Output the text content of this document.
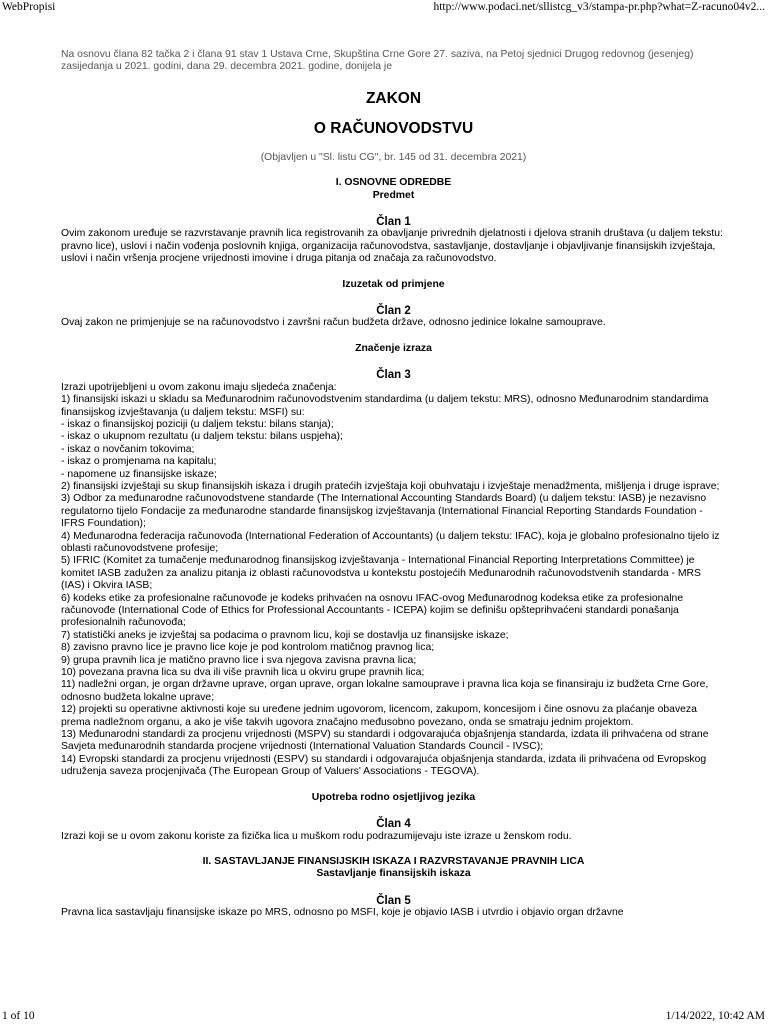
WebPropisi	http://www.podaci.net/sllistcg_v3/stampa-pr.php?what=Z-racuno04v2...

Na osnovu člana 82 tačka 2 i člana 91 stav 1 Ustava Crne, Skupština Crne Gore 27. saziva, na Petoj sjednici Drugog redovnog (jesenjeg) zasijedanja u 2021. godini, dana 29. decembra 2021. godine, donijela je

ZAKON
O RAČUNOVODSTVU
(Objavljen u "Sl. listu CG", br. 145 od 31. decembra 2021)
I. OSNOVNE ODREDBE
Predmet
Član 1

Ovim zakonom uređuje se razvrstavanje pravnih lica registrovanih za obavljanje privrednih djelatnosti i djelova stranih društava (u daljem tekstu: pravno lice), uslovi i način vođenja poslovnih knjiga, organizacija računovodstva, sastavljanje, dostavljanje i objavljivanje finansijskih izvještaja, uslovi i način vršenja procjene vrijednosti imovine i druga pitanja od značaja za računovodstvo.

Izuzetak od primjene
Član 2

Ovaj zakon ne primjenjuje se na računovodstvo i završni račun budžeta države, odnosno jedinice lokalne samouprave.

Značenje izraza
Član 3

Izrazi upotrijebljeni u ovom zakonu imaju sljedeća značenja:

1) finansijski iskazi u skladu sa Međunarodnim računovodstvenim standardima (u daljem tekstu: MRS), odnosno Međunarodnim standardima finansijskog izvještavanja (u daljem tekstu: MSFI) su:

- iskaz o finansijskoj poziciji (u daljem tekstu: bilans stanja);

- iskaz o ukupnom rezultatu (u daljem tekstu: bilans uspjeha);

- iskaz o novčanim tokovima;

- iskaz o promjenama na kapitalu;

- napomene uz finansijske iskaze;

2) finansijski izvještaji su skup finansijskih iskaza i drugih pratećih izvještaja koji obuhvataju i izvještaje menadžmenta, mišljenja i druge isprave;

3) Odbor za međunarodne računovodstvene standarde (The International Accounting Standards Board) (u daljem tekstu: IASB) je nezavisno regulatorno tijelo Fondacije za međunarodne standarde finansijskog izvještavanja (International Financial Reporting Standards Foundation - IFRS Foundation);

4) Međunarodna federacija računovođa (International Federation of Accountants) (u daljem tekstu: IFAC), koja je globalno profesionalno tijelo iz oblasti računovodstvene profesije;

5) IFRIC (Komitet za tumačenje međunarodnog finansijskog izvještavanja - International Financial Reporting Interpretations Committee) je komitet IASB zadužen za analizu pitanja iz oblasti računovodstva u kontekstu postojećih Međunarodnih računovodstvenih standarda - MRS (IAS) i Okvira IASB;

6) kodeks etike za profesionalne računovođe je kodeks prihvaćen na osnovu IFAC-ovog Međunarodnog kodeksa etike za profesionalne računovođe (International Code of Ethics for Professional Accountants - ICEPA) kojim se definišu opšteprihvaćeni standardi ponašanja profesionalnih računovođa;

7) statistički aneks je izvještaj sa podacima o pravnom licu, koji se dostavlja uz finansijske iskaze;

8) zavisno pravno lice je pravno lice koje je pod kontrolom matičnog pravnog lica;

9) grupa pravnih lica je matično pravno lice i sva njegova zavisna pravna lica;

10) povezana pravna lica su dva ili više pravnih lica u okviru grupe pravnih lica;

11) nadležni organ, je organ državne uprave, organ uprave, organ lokalne samouprave i pravna lica koja se finansiraju iz budžeta Crne Gore, odnosno budžeta lokalne uprave;

12) projekti su operativne aktivnosti koje su uređene jednim ugovorom, licencom, zakupom, koncesijom i čine osnovu za plaćanje obaveza prema nadležnom organu, a ako je više takvih ugovora značajno međusobno povezano, onda se smatraju jednim projektom.

13) Međunarodni standardi za procjenu vrijednosti (MSPV) su standardi i odgovarajuća objašnjenja standarda, izdata ili prihvaćena od strane Savjeta međunarodnih standarda procjene vrijednosti (International Valuation Standards Council - IVSC);

14) Evropski standardi za procjenu vrijednosti (ESPV) su standardi i odgovarajuća objašnjenja standarda, izdata ili prihvaćena od Evropskog udruženja saveza procjenjivača (The European Group of Valuers' Associations - TEGOVA).

Upotreba rodno osjetljivog jezika
Član 4

Izrazi koji se u ovom zakonu koriste za fizička lica u muškom rodu podrazumijevaju iste izraze u ženskom rodu.

II. SASTAVLJANJE FINANSIJSKIH ISKAZA I RAZVRSTAVANJE PRAVNIH LICA
Sastavljanje finansijskih iskaza
Član 5

Pravna lica sastavljaju finansijske iskaze po MRS, odnosno po MSFI, koje je objavio IASB i utvrdio i objavio organ državne

1 of 10	1/14/2022, 10:42 AM
